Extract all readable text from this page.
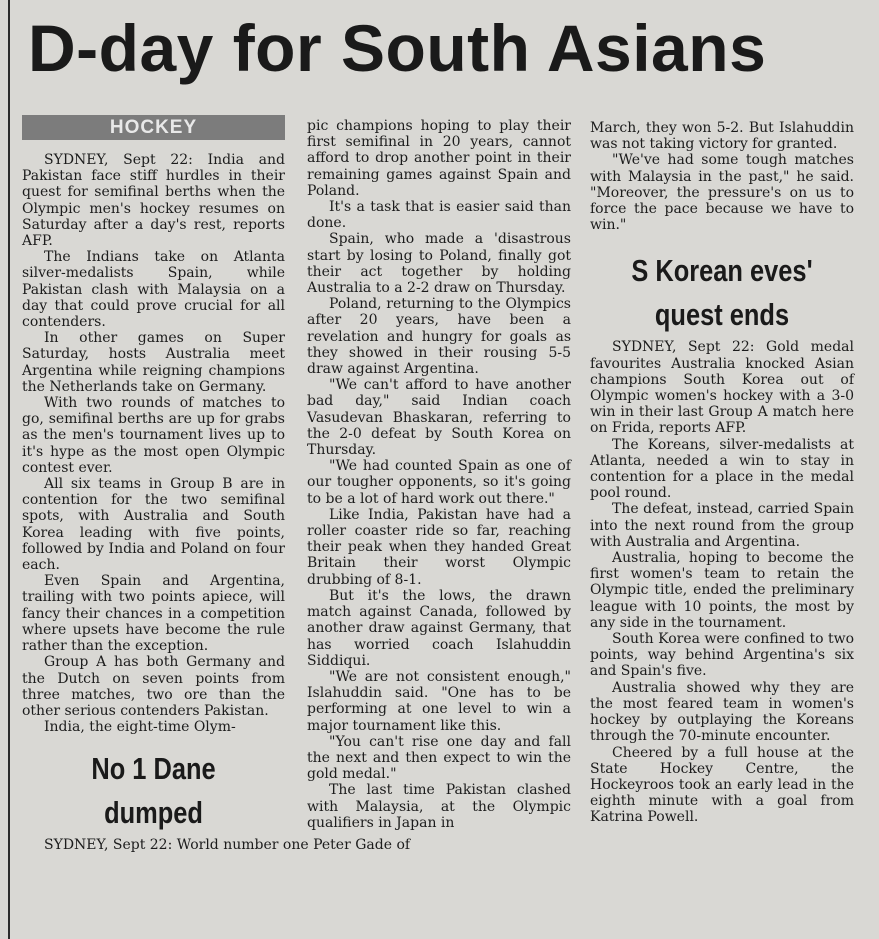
D-day for South Asians
HOCKEY

SYDNEY, Sept 22: India and Pakistan face stiff hurdles in their quest for semifinal berths when the Olympic men's hockey resumes on Saturday after a day's rest, reports AFP.

The Indians take on Atlanta silver-medalists Spain, while Pakistan clash with Malaysia on a day that could prove crucial for all contenders.

In other games on Super Saturday, hosts Australia meet Argentina while reigning champions the Netherlands take on Germany.

With two rounds of matches to go, semifinal berths are up for grabs as the men's tournament lives up to it's hype as the most open Olympic contest ever.

All six teams in Group B are in contention for the two semifinal spots, with Australia and South Korea leading with five points, followed by India and Poland on four each.

Even Spain and Argentina, trailing with two points apiece, will fancy their chances in a competition where upsets have become the rule rather than the exception.

Group A has both Germany and the Dutch on seven points from three matches, two ore than the other serious contenders Pakistan.

India, the eight-time Olym-

No 1 Dane dumped

SYDNEY, Sept 22: World number one Peter Gade of

pic champions hoping to play their first semifinal in 20 years, cannot afford to drop another point in their remaining games against Spain and Poland.

It's a task that is easier said than done.

Spain, who made a 'disastrous start by losing to Poland, finally got their act together by holding Australia to a 2-2 draw on Thursday.

Poland, returning to the Olympics after 20 years, have been a revelation and hungry for goals as they showed in their rousing 5-5 draw against Argentina.

"We can't afford to have another bad day," said Indian coach Vasudevan Bhaskaran, referring to the 2-0 defeat by South Korea on Thursday.

"We had counted Spain as one of our tougher opponents, so it's going to be a lot of hard work out there."

Like India, Pakistan have had a roller coaster ride so far, reaching their peak when they handed Great Britain their worst Olympic drubbing of 8-1.

But it's the lows, the drawn match against Canada, followed by another draw against Germany, that has worried coach Islahuddin Siddiqui.

"We are not consistent enough," Islahuddin said. "One has to be performing at one level to win a major tournament like this.

"You can't rise one day and fall the next and then expect to win the gold medal."

The last time Pakistan clashed with Malaysia, at the Olympic qualifiers in Japan in

March, they won 5-2. But Islahuddin was not taking victory for granted.

"We've had some tough matches with Malaysia in the past," he said. "Moreover, the pressure's on us to force the pace because we have to win."

S Korean eves' quest ends

SYDNEY, Sept 22: Gold medal favourites Australia knocked Asian champions South Korea out of Olympic women's hockey with a 3-0 win in their last Group A match here on Frida, reports AFP.

The Koreans, silver-medalists at Atlanta, needed a win to stay in contention for a place in the medal pool round.

The defeat, instead, carried Spain into the next round from the group with Australia and Argentina.

Australia, hoping to become the first women's team to retain the Olympic title, ended the preliminary league with 10 points, the most by any side in the tournament.

South Korea were confined to two points, way behind Argentina's six and Spain's five.

Australia showed why they are the most feared team in women's hockey by outplaying the Koreans through the 70-minute encounter.

Cheered by a full house at the State Hockey Centre, the Hockeyroos took an early lead in the eighth minute with a goal from Katrina Powell.
